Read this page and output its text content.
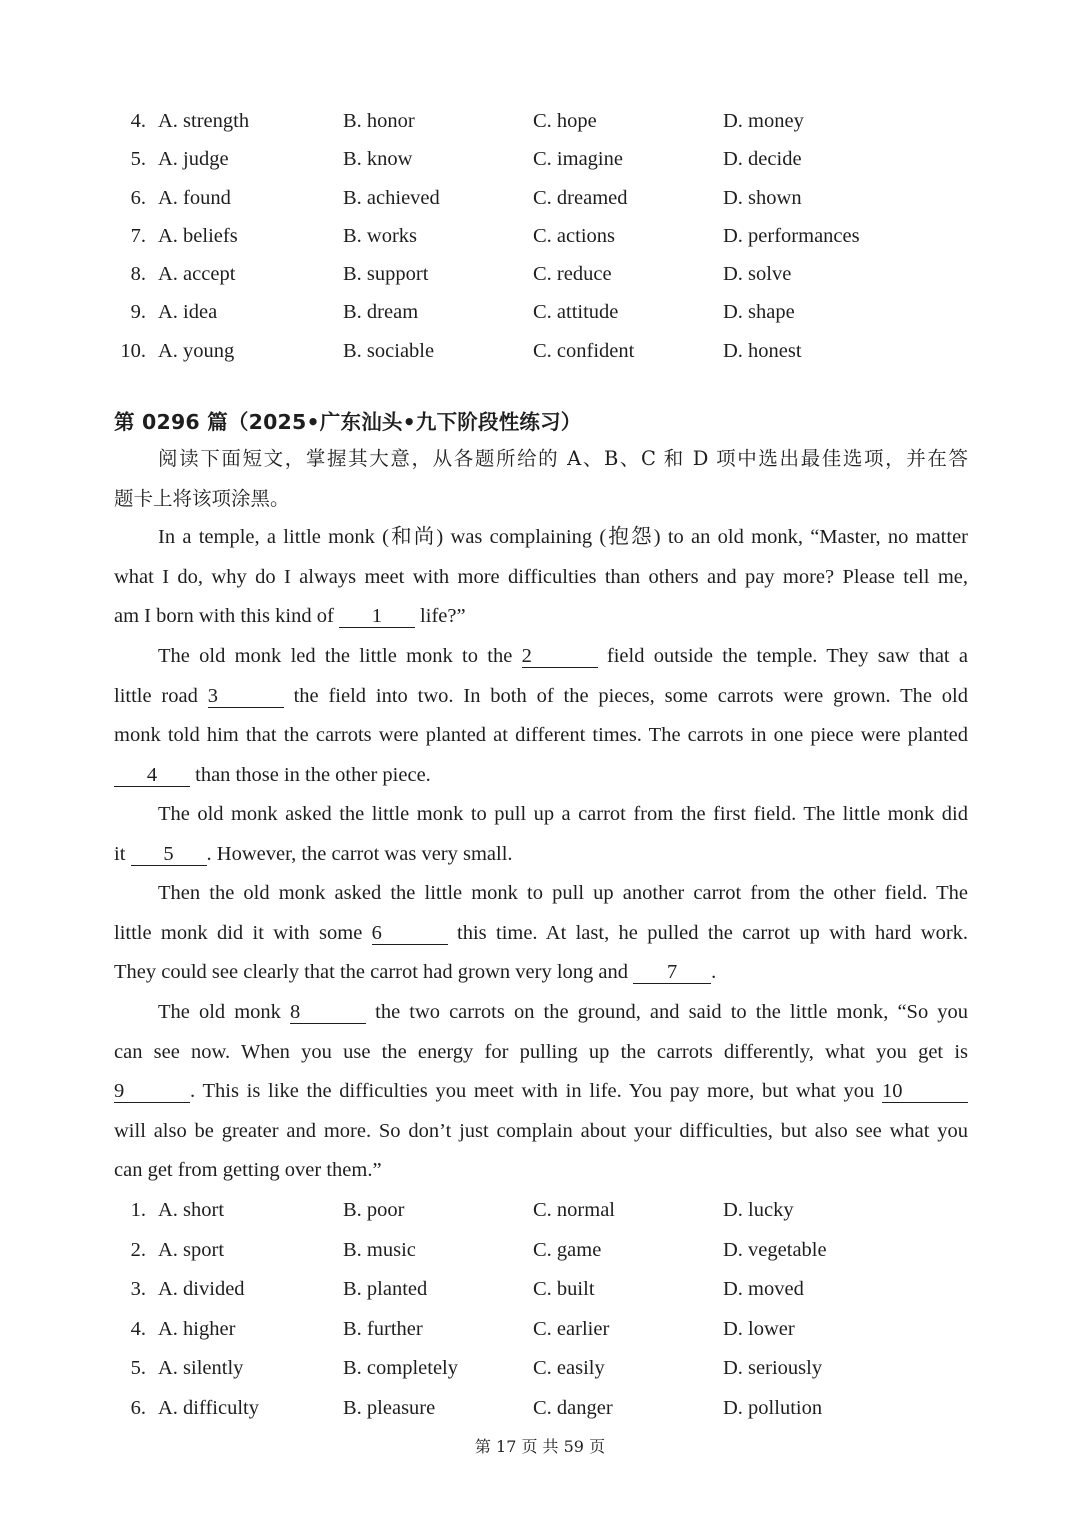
4. A. strength	B. honor	C. hope	D. money
5. A. judge	B. know	C. imagine	D. decide
6. A. found	B. achieved	C. dreamed	D. shown
7. A. beliefs	B. works	C. actions	D. performances
8. A. accept	B. support	C. reduce	D. solve
9. A. idea	B. dream	C. attitude	D. shape
10. A. young	B. sociable	C. confident	D. honest
第 0296 篇（2025•广东汕头•九下阶段性练习）
阅读下面短文，掌握其大意，从各题所给的 A、B、C 和 D 项中选出最佳选项，并在答
题卡上将该项涂黑。
In a temple, a little monk (和尚) was complaining (抱怨) to an old monk, “Master, no matter
what I do, why do I always meet with more difficulties than others and pay more? Please tell me,
am I born with this kind of 1 life?”
The old monk led the little monk to the 2	field outside the temple. They saw that a
little road 3	the field into two. In both of the pieces, some carrots were grown. The old
monk told him that the carrots were planted at different times. The carrots in one piece were planted
4 than those in the other piece.
The old monk asked the little monk to pull up a carrot from the first field. The little monk did
it 5 . However, the carrot was very small.
Then the old monk asked the little monk to pull up another carrot from the other field. The
little monk did it with some 6	this time. At last, he pulled the carrot up with hard work.
They could see clearly that the carrot had grown very long and 7 .
The old monk 8	the two carrots on the ground, and said to the little monk, “So you
can see now. When you use the energy for pulling up the carrots differently, what you get is
9	. This is like the difficulties you meet with in life. You pay more, but what you 10
will also be greater and more. So don’t just complain about your difficulties, but also see what you
can get from getting over them.”
1. A. short	B. poor	C. normal	D. lucky
2. A. sport	B. music	C. game	D. vegetable
3. A. divided	B. planted	C. built	D. moved
4. A. higher	B. further	C. earlier	D. lower
5. A. silently	B. completely	C. easily	D. seriously
6. A. difficulty	B. pleasure	C. danger	D. pollution
第 17 页 共 59 页
